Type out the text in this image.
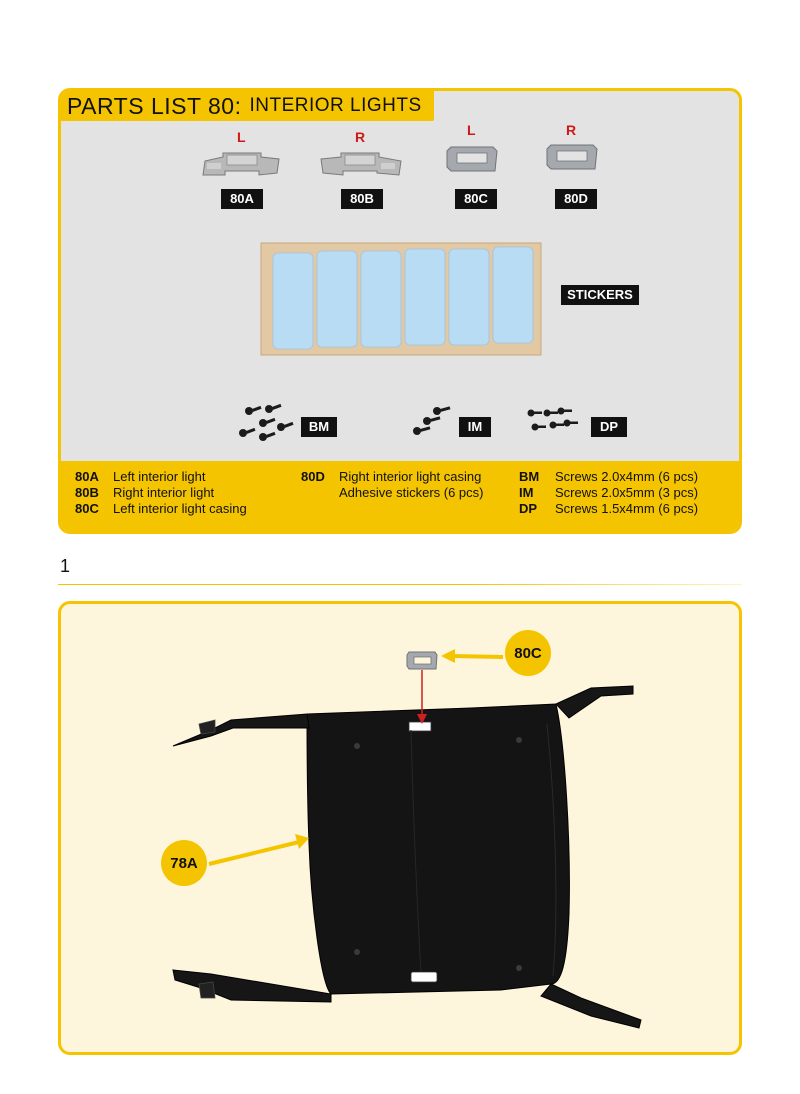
PARTS LIST 80: INTERIOR LIGHTS
L	R	L	R
80A	80B	80C	80D
STICKERS
BM	IM	DP
80A Left interior light
80B Right interior light
80C Left interior light casing
80D Right interior light casing
Adhesive stickers (6 pcs)
BM Screws 2.0x4mm (6 pcs)
IM Screws 2.0x5mm (3 pcs)
DP Screws 1.5x4mm (6 pcs)
1
80C
78A
